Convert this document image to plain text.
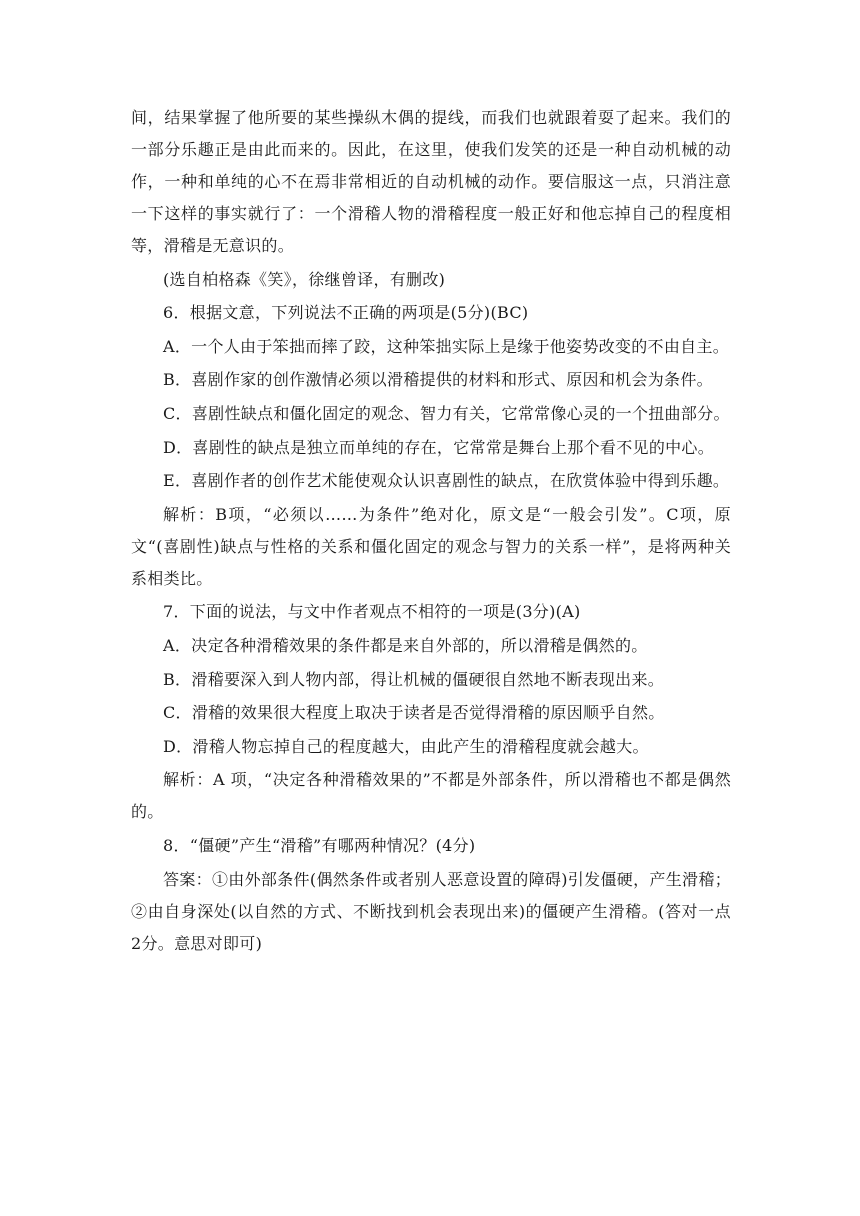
间，结果掌握了他所要的某些操纵木偶的提线，而我们也就跟着耍了起来。我们的一部分乐趣正是由此而来的。因此，在这里，使我们发笑的还是一种自动机械的动作，一种和单纯的心不在焉非常相近的自动机械的动作。要信服这一点，只消注意一下这样的事实就行了：一个滑稽人物的滑稽程度一般正好和他忘掉自己的程度相等，滑稽是无意识的。

(选自柏格森《笑》，徐继曾译，有删改)

6．根据文意，下列说法不正确的两项是(5分)(BC)

A．一个人由于笨拙而摔了跤，这种笨拙实际上是缘于他姿势改变的不由自主。

B．喜剧作家的创作激情必须以滑稽提供的材料和形式、原因和机会为条件。

C．喜剧性缺点和僵化固定的观念、智力有关，它常常像心灵的一个扭曲部分。

D．喜剧性的缺点是独立而单纯的存在，它常常是舞台上那个看不见的中心。

E．喜剧作者的创作艺术能使观众认识喜剧性的缺点，在欣赏体验中得到乐趣。

解析：B项，“必须以……为条件”绝对化，原文是“一般会引发”。C项，原文“(喜剧性)缺点与性格的关系和僵化固定的观念与智力的关系一样”，是将两种关系相类比。

7．下面的说法，与文中作者观点不相符的一项是(3分)(A)

A．决定各种滑稽效果的条件都是来自外部的，所以滑稽是偶然的。

B．滑稽要深入到人物内部，得让机械的僵硬很自然地不断表现出来。

C．滑稽的效果很大程度上取决于读者是否觉得滑稽的原因顺乎自然。

D．滑稽人物忘掉自己的程度越大，由此产生的滑稽程度就会越大。

解析：A 项，“决定各种滑稽效果的”不都是外部条件，所以滑稽也不都是偶然的。

8．“僵硬”产生“滑稽”有哪两种情况？(4分)

答案：①由外部条件(偶然条件或者别人恶意设置的障碍)引发僵硬，产生滑稽；②由自身深处(以自然的方式、不断找到机会表现出来)的僵硬产生滑稽。(答对一点2分。意思对即可)
